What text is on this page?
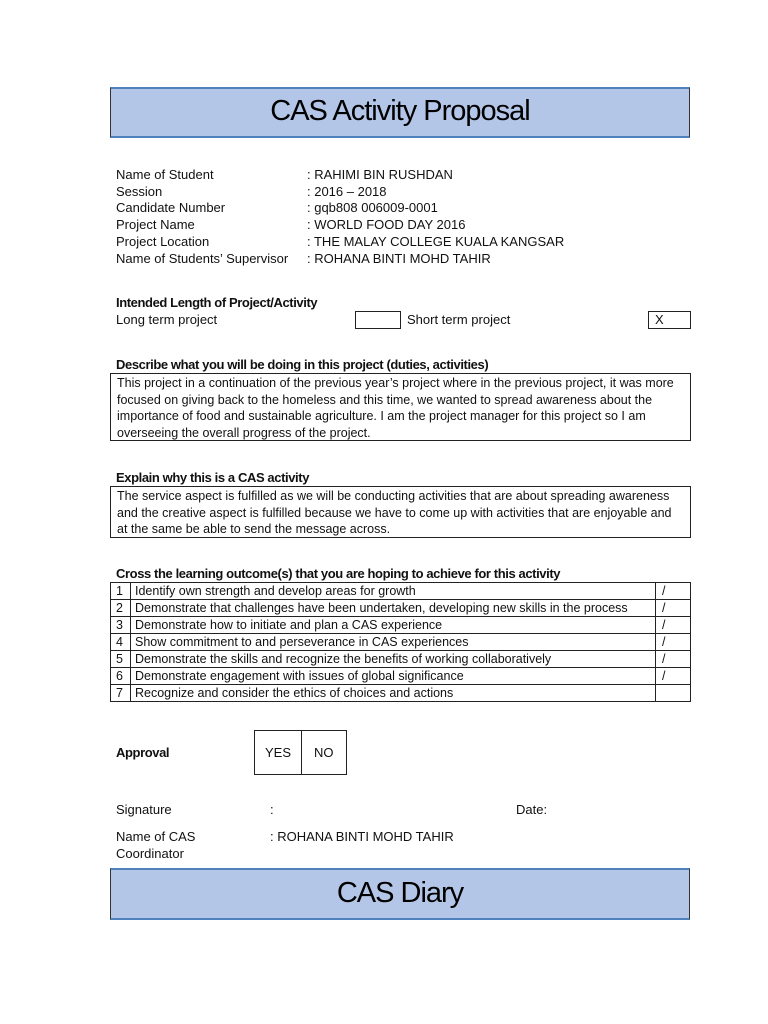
CAS Activity Proposal
Name of Student	: RAHIMI BIN RUSHDAN
Session	: 2016 – 2018
Candidate Number	: gqb808 006009-0001
Project Name	: WORLD FOOD DAY 2016
Project Location	: THE MALAY COLLEGE KUALA KANGSAR
Name of Students’ Supervisor : ROHANA BINTI MOHD TAHIR
Intended Length of Project/Activity
Long term project	Short term project	X
Describe what you will be doing in this project (duties, activities)
This project in a continuation of the previous year’s project where in the previous project, it was more
focused on giving back to the homeless and this time, we wanted to spread awareness about the
importance of food and sustainable agriculture. I am the project manager for this project so I am
overseeing the overall progress of the project.
Explain why this is a CAS activity
The service aspect is fulfilled as we will be conducting activities that are about spreading awareness
and the creative aspect is fulfilled because we have to come up with activities that are enjoyable and
at the same be able to send the message across.
Cross the learning outcome(s) that you are hoping to achieve for this activity
1	Identify own strength and develop areas for growth	/
2	Demonstrate that challenges have been undertaken, developing new skills in the process	/
3	Demonstrate how to initiate and plan a CAS experience	/
4	Show commitment to and perseverance in CAS experiences	/
5	Demonstrate the skills and recognize the benefits of working collaboratively	/
6	Demonstrate engagement with issues of global significance	/
7	Recognize and consider the ethics of choices and actions	
Approval	YES	NO
Signature	:	Date:
Name of CAS
Coordinator
: ROHANA BINTI MOHD TAHIR
CAS Diary
